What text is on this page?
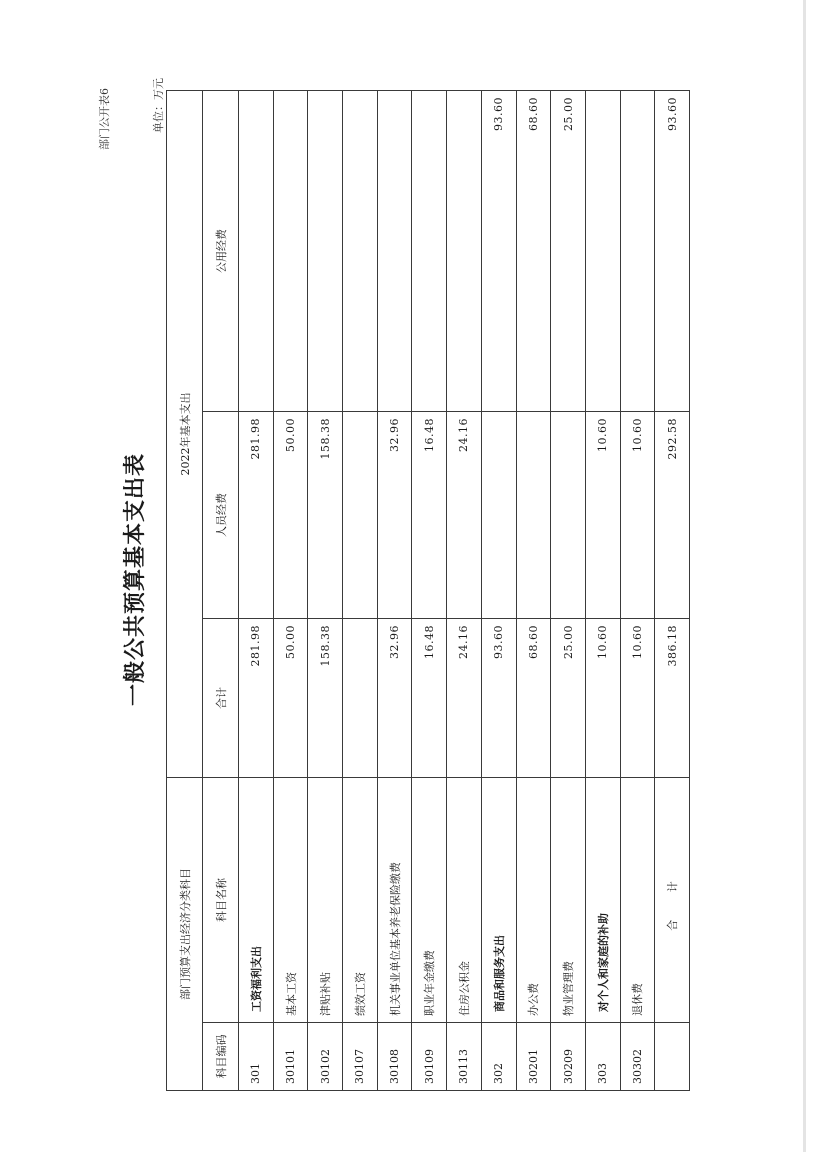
一般公共预算基本支出表
部门公开表6	单位：万元
部门预算支出经济分类科目		2022年基本支出		
科目编码	科目名称	合计	人员经费	公用经费
301	工资福利支出	281.98	281.98	
30101	基本工资	50.00	50.00	
30102	津贴补贴	158.38	158.38	
30107	绩效工资			
30108	机关事业单位基本养老保险缴费	32.96	32.96	
30109	职业年金缴费	16.48	16.48	
30113	住房公积金	24.16	24.16	
302	商品和服务支出	93.60		93.60
30201	办公费	68.60		68.60
30209	物业管理费	25.00		25.00
303	对个人和家庭的补助	10.60	10.60	
30302	退休费	10.60	10.60	
	合 计	386.18	292.58	93.60
